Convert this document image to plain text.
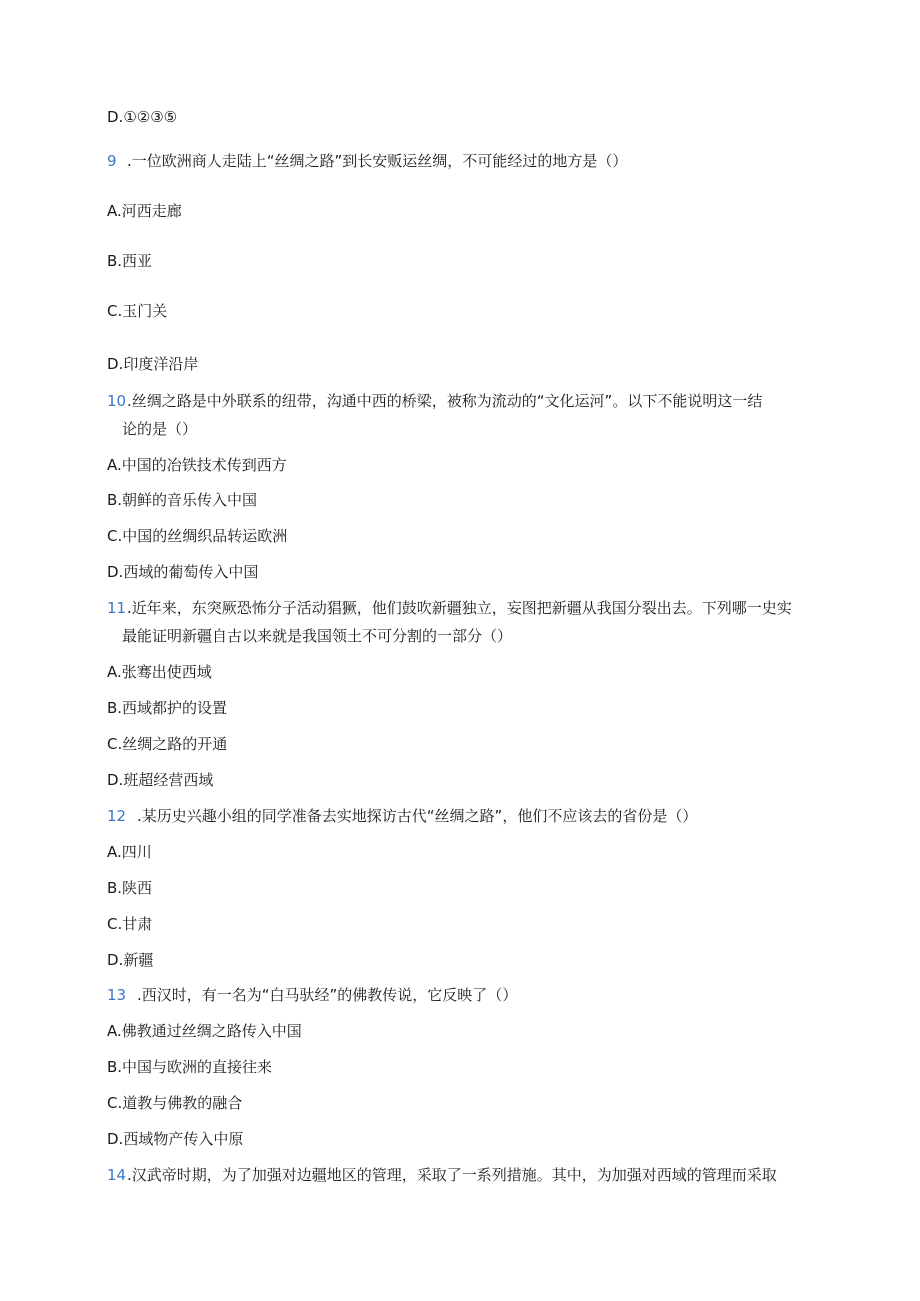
D.①②③⑤
9 .一位欧洲商人走陆上“丝绸之路”到长安贩运丝绸，不可能经过的地方是（）
A.河西走廊
B.西亚
C.玉门关
D.印度洋沿岸
10.丝绸之路是中外联系的纽带，沟通中西的桥梁，被称为流动的“文化运河”。以下不能说明这一结
论的是（）
A.中国的冶铁技术传到西方
B.朝鲜的音乐传入中国
C.中国的丝绸织品转运欧洲
D.西域的葡萄传入中国
11.近年来，东突厥恐怖分子活动猖獗，他们鼓吹新疆独立，妄图把新疆从我国分裂出去。下列哪一史实
最能证明新疆自古以来就是我国领土不可分割的一部分（）
A.张骞出使西域
B.西域都护的设置
C.丝绸之路的开通
D.班超经营西域
12 .某历史兴趣小组的同学准备去实地探访古代“丝绸之路”，他们不应该去的省份是（）
A.四川
B.陕西
C.甘肃
D.新疆
13 .西汉时，有一名为“白马驮经”的佛教传说，它反映了（）
A.佛教通过丝绸之路传入中国
B.中国与欧洲的直接往来
C.道教与佛教的融合
D.西域物产传入中原
14.汉武帝时期，为了加强对边疆地区的管理，采取了一系列措施。其中，为加强对西域的管理而采取
